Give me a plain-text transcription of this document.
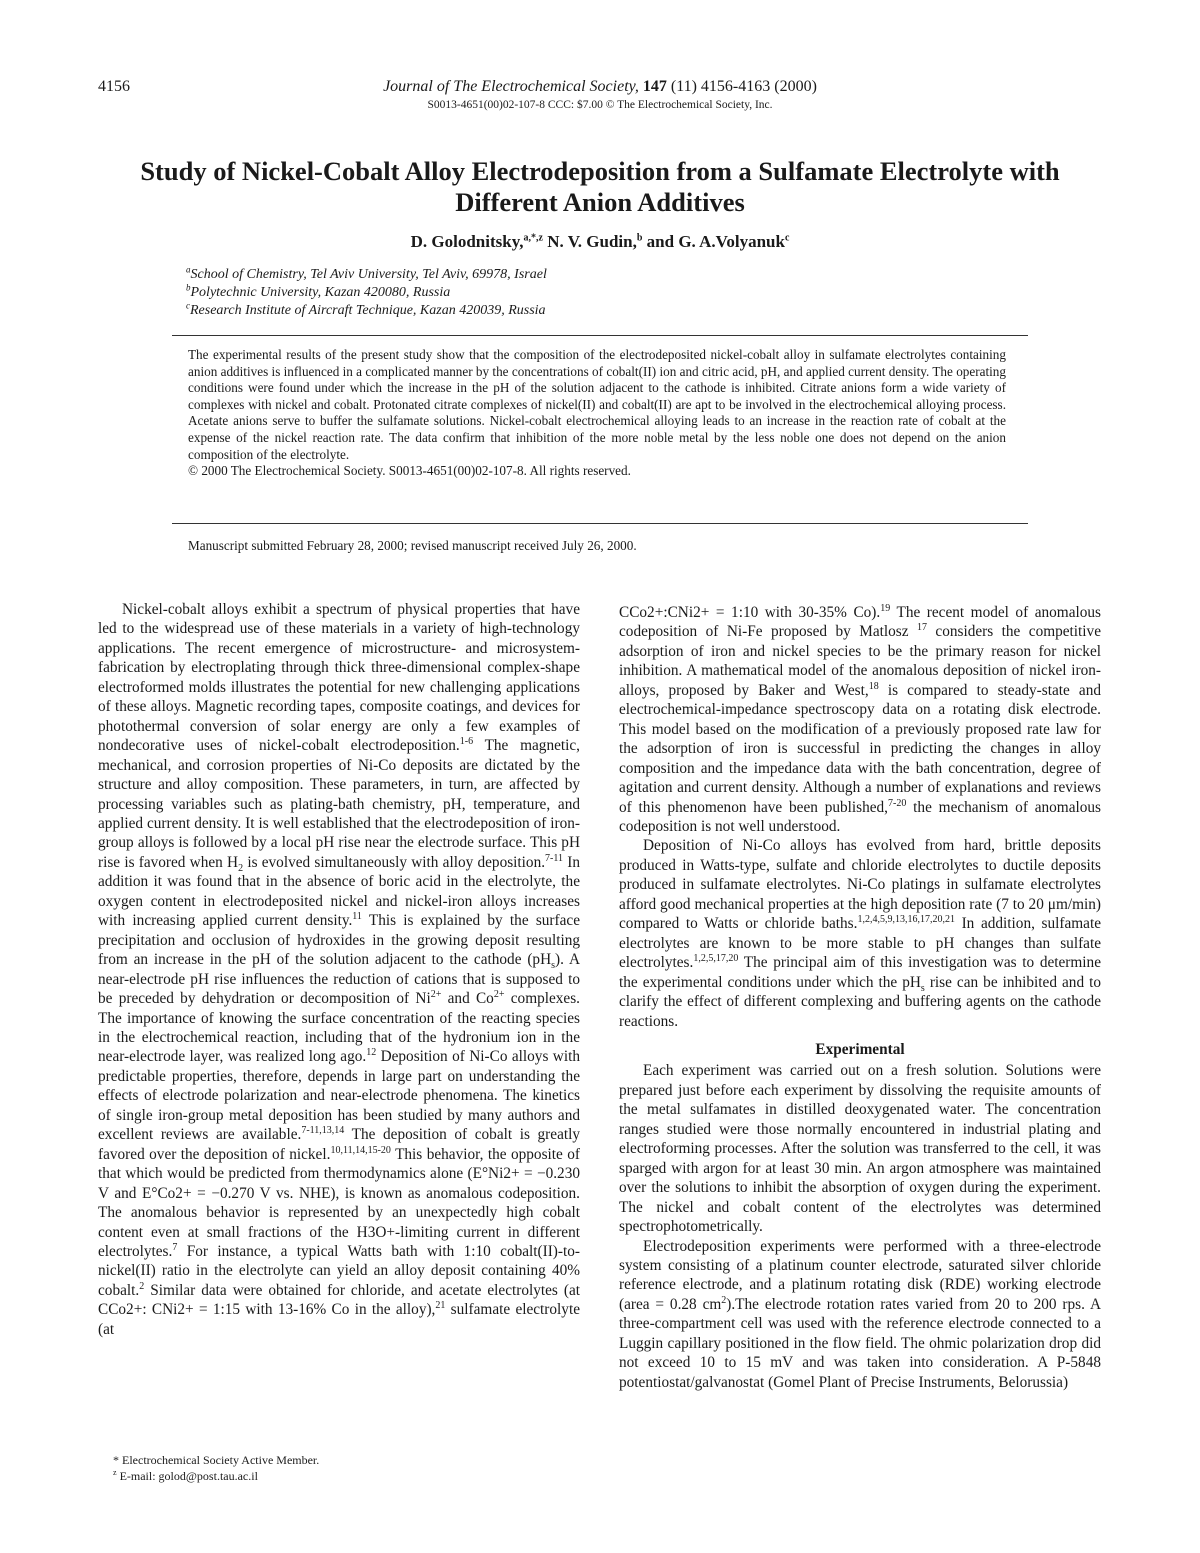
4156	Journal of The Electrochemical Society, 147 (11) 4156-4163 (2000)
S0013-4651(00)02-107-8 CCC: $7.00 © The Electrochemical Society, Inc.
Study of Nickel-Cobalt Alloy Electrodeposition from a Sulfamate Electrolyte with Different Anion Additives
D. Golodnitsky,$^{a,*,z}$ N. V. Gudin,$^b$ and G. A.Volyanuk$^c$
$^a$School of Chemistry, Tel Aviv University, Tel Aviv, 69978, Israel
$^b$Polytechnic University, Kazan 420080, Russia
$^c$Research Institute of Aircraft Technique, Kazan 420039, Russia

The experimental results of the present study show that the composition of the electrodeposited nickel-cobalt alloy in sulfamate electrolytes containing anion additives is influenced in a complicated manner by the concentrations of cobalt(II) ion and citric acid, pH, and applied current density. The operating conditions were found under which the increase in the pH of the solution adjacent to the cathode is inhibited. Citrate anions form a wide variety of complexes with nickel and cobalt. Protonated citrate complexes of nickel(II) and cobalt(II) are apt to be involved in the electrochemical alloying process. Acetate anions serve to buffer the sulfamate solutions. Nickel-cobalt electrochemical alloying leads to an increase in the reaction rate of cobalt at the expense of the nickel reaction rate. The data confirm that inhibition of the more noble metal by the less noble one does not depend on the anion composition of the electrolyte.

© 2000 The Electrochemical Society. S0013-4651(00)02-107-8. All rights reserved.

Manuscript submitted February 28, 2000; revised manuscript received July 26, 2000.

Nickel-cobalt alloys exhibit a spectrum of physical properties that have led to the widespread use of these materials in a variety of high-technology applications. The recent emergence of microstructure- and microsystem-fabrication by electroplating through thick three-dimensional complex-shape electroformed molds illustrates the potential for new challenging applications of these alloys. Magnetic recording tapes, composite coatings, and devices for photothermal conversion of solar energy are only a few examples of nondecorative uses of nickel-cobalt electrodeposition.$^{1-6}$ The magnetic, mechanical, and corrosion properties of Ni-Co deposits are dictated by the structure and alloy composition. These parameters, in turn, are affected by processing variables such as plating-bath chemistry, pH, temperature, and applied current density. It is well established that the electrodeposition of iron-group alloys is followed by a local pH rise near the electrode surface. This pH rise is favored when $H_2$ is evolved simultaneously with alloy deposition.$^{7-11}$ In addition it was found that in the absence of boric acid in the electrolyte, the oxygen content in electrodeposited nickel and nickel-iron alloys increases with increasing applied current density.$^{11}$ This is explained by the surface precipitation and occlusion of hydroxides in the growing deposit resulting from an increase in the pH of the solution adjacent to the cathode $(pH_s)$. A near-electrode pH rise influences the reduction of cations that is supposed to be preceded by dehydration or decomposition of $Ni^{2+}$ and $Co^{2+}$ complexes. The importance of knowing the surface concentration of the reacting species in the electrochemical reaction, including that of the hydronium ion in the near-electrode layer, was realized long ago.$^{12}$ Deposition of Ni-Co alloys with predictable properties, therefore, depends in large part on understanding the effects of electrode polarization and near-electrode phenomena. The kinetics of single iron-group metal deposition has been studied by many authors and excellent reviews are available.$^{7-11,13,14}$ The deposition of cobalt is greatly favored over the deposition of nickel.$^{10,11,14,15-20}$ This behavior, the opposite of that which would be predicted from thermodynamics alone (E°Ni2+ = −0.230 V and E°Co2+ = −0.270 V vs. NHE), is known as anomalous codeposition. The anomalous behavior is represented by an unexpectedly high cobalt content even at small fractions of the H3O+-limiting current in different electrolytes.$^7$ For instance, a typical Watts bath with 1:10 cobalt(II)-to-nickel(II) ratio in the electrolyte can yield an alloy deposit containing 40% cobalt.$^2$ Similar data were obtained for chloride, and acetate electrolytes (at CCo2+: CNi2+ = 1:15 with 13-16% Co in the alloy),$^{21}$ sulfamate electrolyte (at

* Electrochemical Society Active Member.
$^z$ E-mail: golod@post.tau.ac.il

CCo2+:CNi2+ = 1:10 with 30-35% Co).$^{19}$ The recent model of anomalous codeposition of Ni-Fe proposed by Matlosz $^{17}$ considers the competitive adsorption of iron and nickel species to be the primary reason for nickel inhibition. A mathematical model of the anomalous deposition of nickel iron-alloys, proposed by Baker and West,$^{18}$ is compared to steady-state and electrochemical-impedance spectroscopy data on a rotating disk electrode. This model based on the modification of a previously proposed rate law for the adsorption of iron is successful in predicting the changes in alloy composition and the impedance data with the bath concentration, degree of agitation and current density. Although a number of explanations and reviews of this phenomenon have been published,$^{7-20}$ the mechanism of anomalous codeposition is not well understood.

Deposition of Ni-Co alloys has evolved from hard, brittle deposits produced in Watts-type, sulfate and chloride electrolytes to ductile deposits produced in sulfamate electrolytes. Ni-Co platings in sulfamate electrolytes afford good mechanical properties at the high deposition rate (7 to 20 μm/min) compared to Watts or chloride baths.$^{1,2,4,5,9,13,16,17,20,21}$ In addition, sulfamate electrolytes are known to be more stable to pH changes than sulfate electrolytes.$^{1,2,5,17,20}$ The principal aim of this investigation was to determine the experimental conditions under which the $pH_s$ rise can be inhibited and to clarify the effect of different complexing and buffering agents on the cathode reactions.

Experimental

Each experiment was carried out on a fresh solution. Solutions were prepared just before each experiment by dissolving the requisite amounts of the metal sulfamates in distilled deoxygenated water. The concentration ranges studied were those normally encountered in industrial plating and electroforming processes. After the solution was transferred to the cell, it was sparged with argon for at least 30 min. An argon atmosphere was maintained over the solutions to inhibit the absorption of oxygen during the experiment. The nickel and cobalt content of the electrolytes was determined spectrophotometrically.

Electrodeposition experiments were performed with a three-electrode system consisting of a platinum counter electrode, saturated silver chloride reference electrode, and a platinum rotating disk (RDE) working electrode (area = 0.28 $cm^2).The$ electrode rotation rates varied from 20 to 200 rps. A three-compartment cell was used with the reference electrode connected to a Luggin capillary positioned in the flow field. The ohmic polarization drop did not exceed 10 to 15 mV and was taken into consideration. A P-5848 potentiostat/galvanostat (Gomel Plant of Precise Instruments, Belorussia)
